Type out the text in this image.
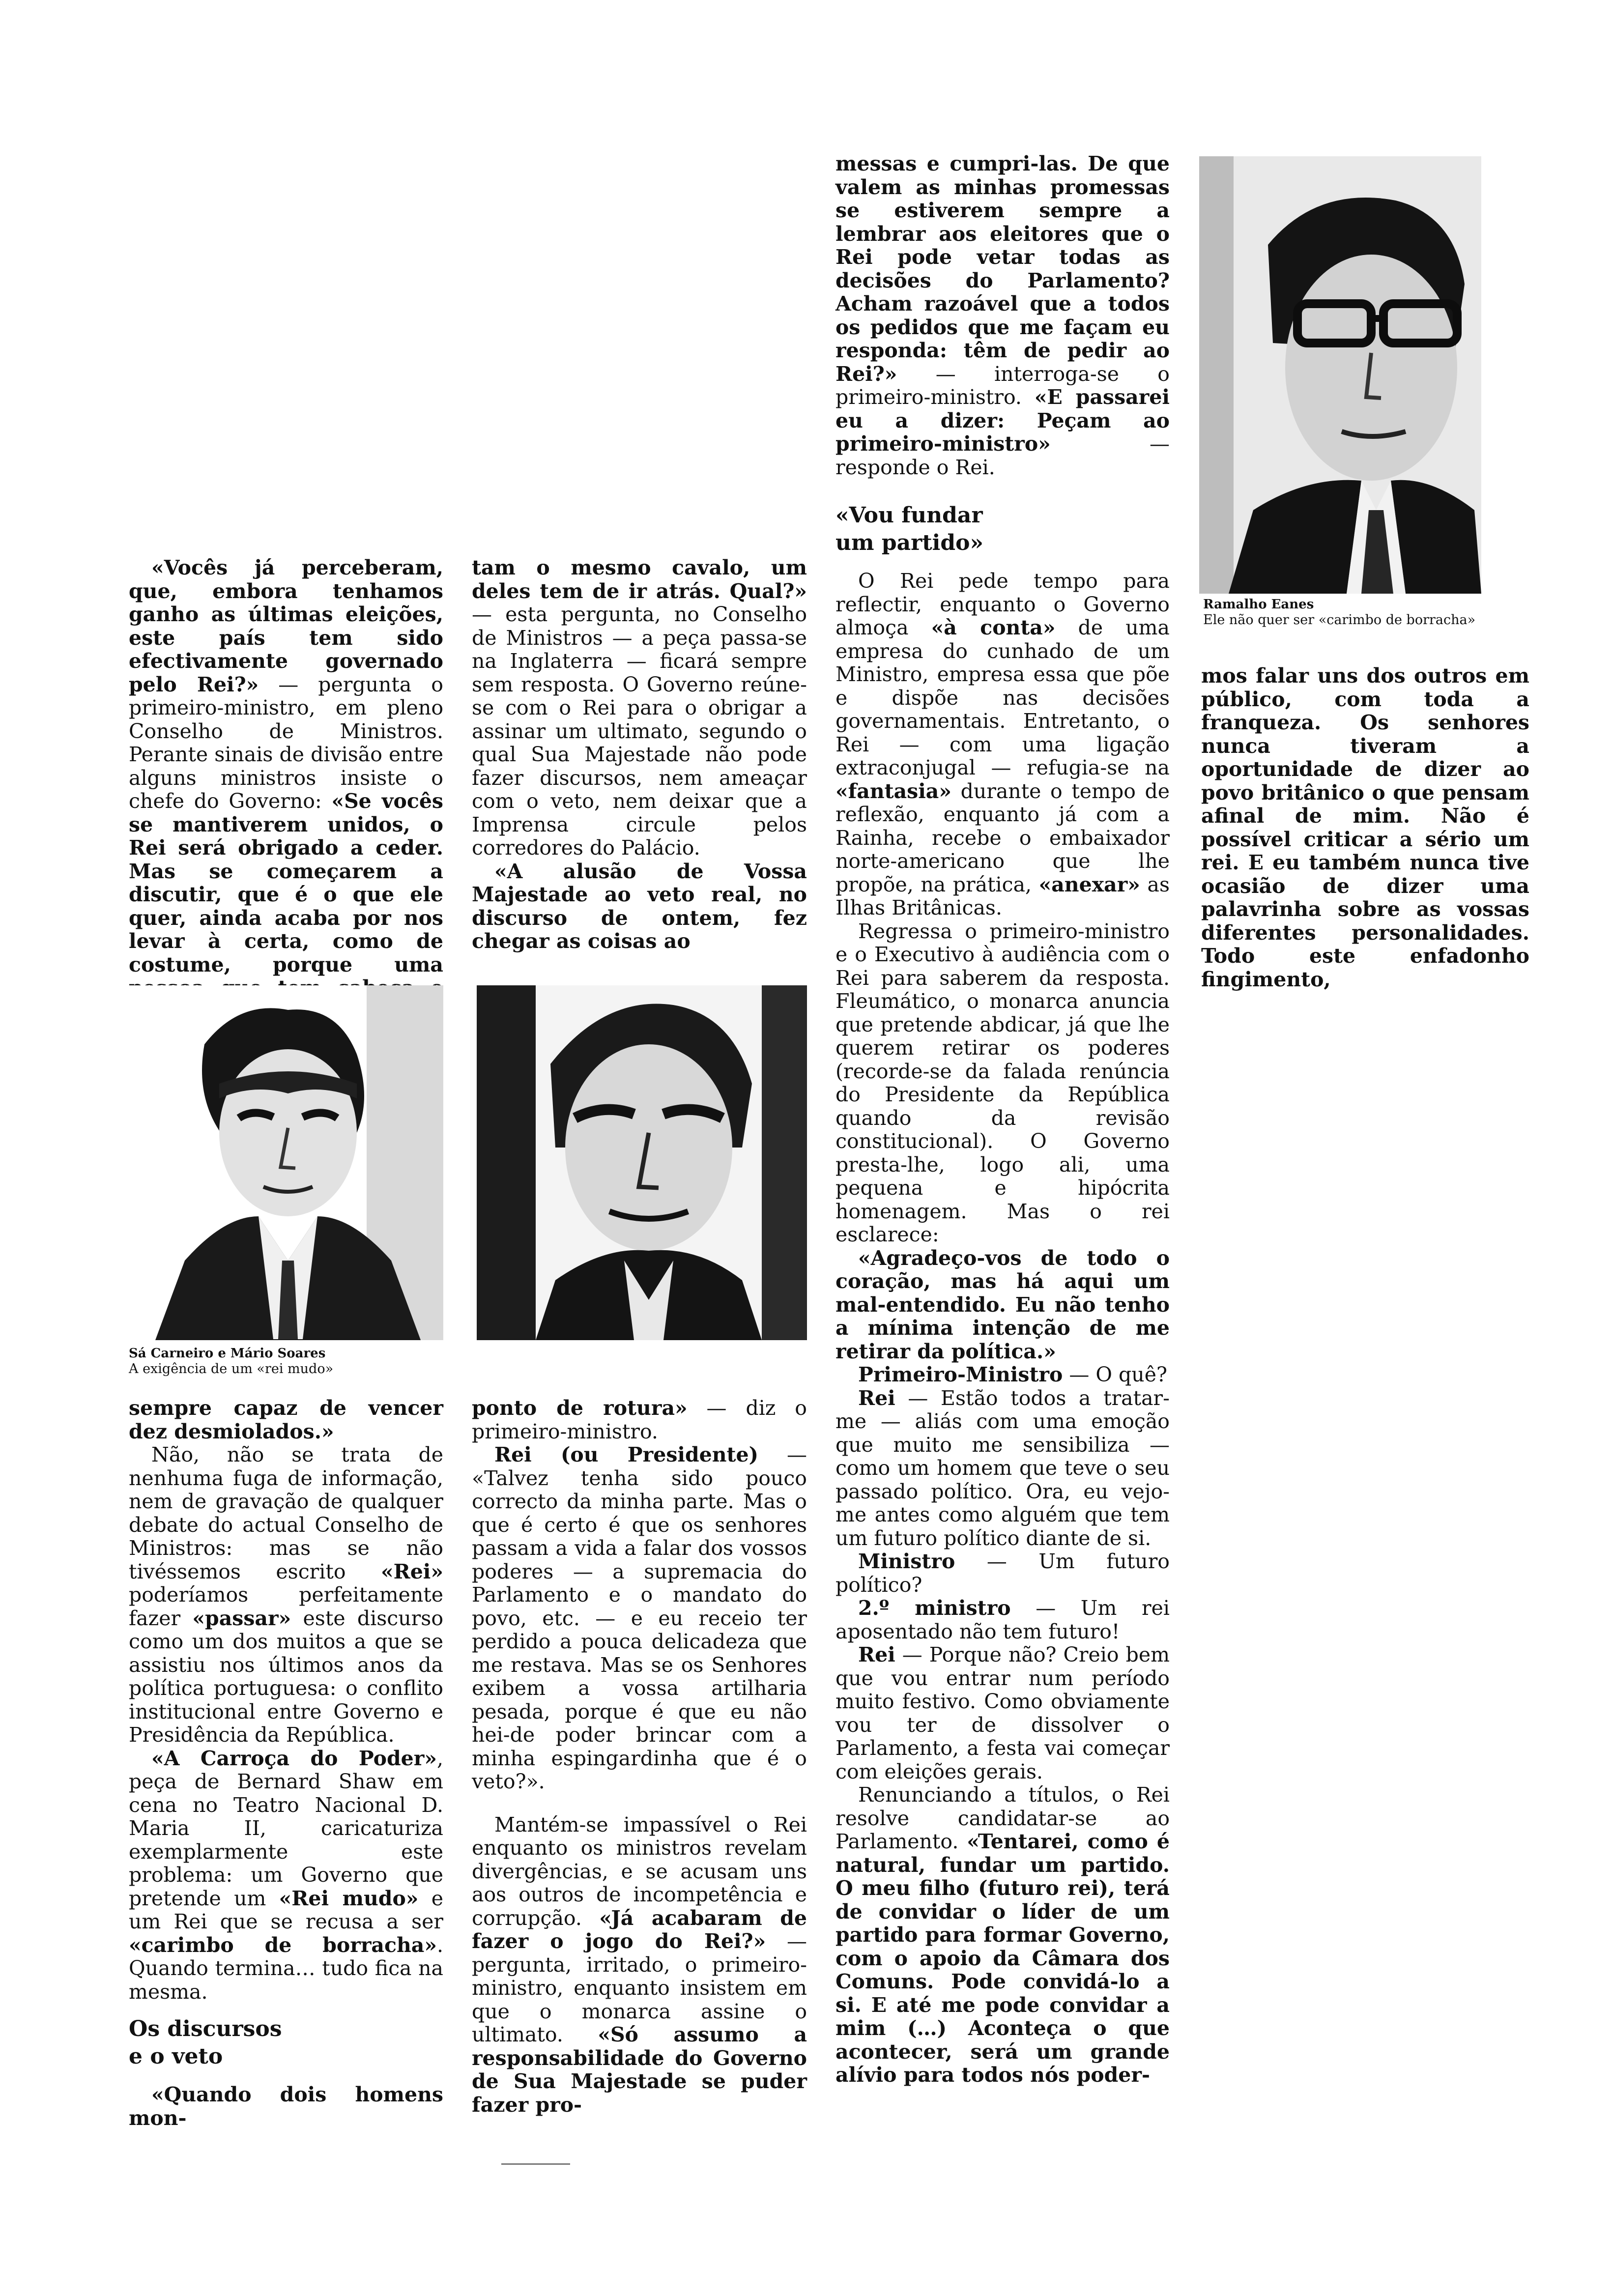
«Vocês já perceberam, que, embora tenhamos ganho as últimas eleições, este país tem sido efectivamente governado pelo Rei?» — pergunta o primeiro-ministro, em pleno Conselho de Ministros. Perante sinais de divisão entre alguns ministros insiste o chefe do Governo: «Se vocês se mantiverem unidos, o Rei será obrigado a ceder. Mas se começarem a discutir, que é o que ele quer, ainda acaba por nos levar à certa, como de costume, porque uma

Sá Carneiro e Mário Soares
A exigência de um «rei mudo»

sempre capaz de vencer dez desmiolados.»

Não, não se trata de nenhuma fuga de informação, nem de gravação de qualquer debate do actual Conselho de Ministros: mas se não tivéssemos escrito «Rei» poderíamos perfeitamente fazer «passar» este discurso como um dos muitos a que se assistiu nos últimos anos da política portuguesa: o conflito institucional entre Governo e Presidência da República.

«A Carroça do Poder», peça de Bernard Shaw em cena no Teatro Nacional D. Maria II, caricaturiza exemplarmente este problema: um Governo que pretende um «Rei mudo» e um Rei que se recusa a ser «carimbo de borracha». Quando termina… tudo fica na mesma.

Os discursos
e o veto

«Quando dois homens mon-

tam o mesmo cavalo, um deles tem de ir atrás. Qual?» — esta pergunta, no Conselho de Ministros — a peça passa-se na Inglaterra — ficará sempre sem resposta. O Governo reúne-se com o Rei para o obrigar a assinar um ultimato, segundo o qual Sua Majestade não pode fazer discursos, nem ameaçar com o veto, nem deixar que a Imprensa circule pelos corredores do Palácio.

«A alusão de Vossa Majestade ao veto real, no discurso de ontem, fez chegar as coisas ao

ponto de rotura» — diz o primeiro-ministro.

Rei (ou Presidente) — «Talvez tenha sido pouco correcto da minha parte. Mas o que é certo é que os senhores passam a vida a falar dos vossos poderes — a supremacia do Parlamento e o mandato do povo, etc. — e eu receio ter perdido a pouca delicadeza que me restava. Mas se os Senhores exibem a vossa artilharia pesada, porque é que eu não hei-de poder brincar com a minha espingardinha que é o veto?».

Mantém-se impassível o Rei enquanto os ministros revelam divergências, e se acusam uns aos outros de incompetência e corrupção. «Já acabaram de fazer o jogo do Rei?» — pergunta, irritado, o primeiro-ministro, enquanto insistem em que o monarca assine o ultimato. «Só assumo a responsabilidade do Governo de Sua Majestade se puder fazer pro-

messas e cumpri-las. De que valem as minhas promessas se estiverem sempre a lembrar aos eleitores que o Rei pode vetar todas as decisões do Parlamento? Acham razoável que a todos os pedidos que me façam eu responda: têm de pedir ao Rei?» — interroga-se o primeiro-ministro. «E passarei eu a dizer: Peçam ao primeiro-ministro» — responde o Rei.

«Vou fundar
um partido»

O Rei pede tempo para reflectir, enquanto o Governo almoça «à conta» de uma empresa do cunhado de um Ministro, empresa essa que põe e dispõe nas decisões governamentais. Entretanto, o Rei — com uma ligação extraconjugal — refugia-se na «fantasia» durante o tempo de reflexão, enquanto já com a Rainha, recebe o embaixador norte-americano que lhe propõe, na prática, «anexar» as Ilhas Britânicas.

Regressa o primeiro-ministro e o Executivo à audiência com o Rei para saberem da resposta. Fleumático, o monarca anuncia que pretende abdicar, já que lhe querem retirar os poderes (recorde-se da falada renúncia do Presidente da República quando da revisão constitucional). O Governo presta-lhe, logo ali, uma pequena e hipócrita homenagem. Mas o rei esclarece:

«Agradeço-vos de todo o coração, mas há aqui um mal-entendido. Eu não tenho a mínima intenção de me retirar da política.»

Primeiro-Ministro — O quê?

Rei — Estão todos a tratar-me — aliás com uma emoção que muito me sensibiliza — como um homem que teve o seu passado político. Ora, eu vejo-me antes como alguém que tem um futuro político diante de si.

Ministro — Um futuro político?

2.º ministro — Um rei aposentado não tem futuro!

Rei — Porque não? Creio bem que vou entrar num período muito festivo. Como obviamente vou ter de dissolver o Parlamento, a festa vai começar com eleições gerais.

Renunciando a títulos, o Rei resolve candidatar-se ao Parlamento. «Tentarei, como é natural, fundar um partido. O meu filho (futuro rei), terá de convidar o líder de um partido para formar Governo, com o apoio da Câmara dos Comuns. Pode convidá-lo a si. E até me pode convidar a mim (…) Aconteça o que acontecer, será um grande alívio para todos nós poder-

Ramalho Eanes
Ele não quer ser «carimbo de borracha»

mos falar uns dos outros em público, com toda a franqueza. Os senhores nunca tiveram a oportunidade de dizer ao povo britânico o que pensam afinal de mim. Não é possível criticar a sério um rei. E eu também nunca tive ocasião de dizer uma palavrinha sobre as vossas diferentes personalidades. Todo este enfadonho fingimento,
